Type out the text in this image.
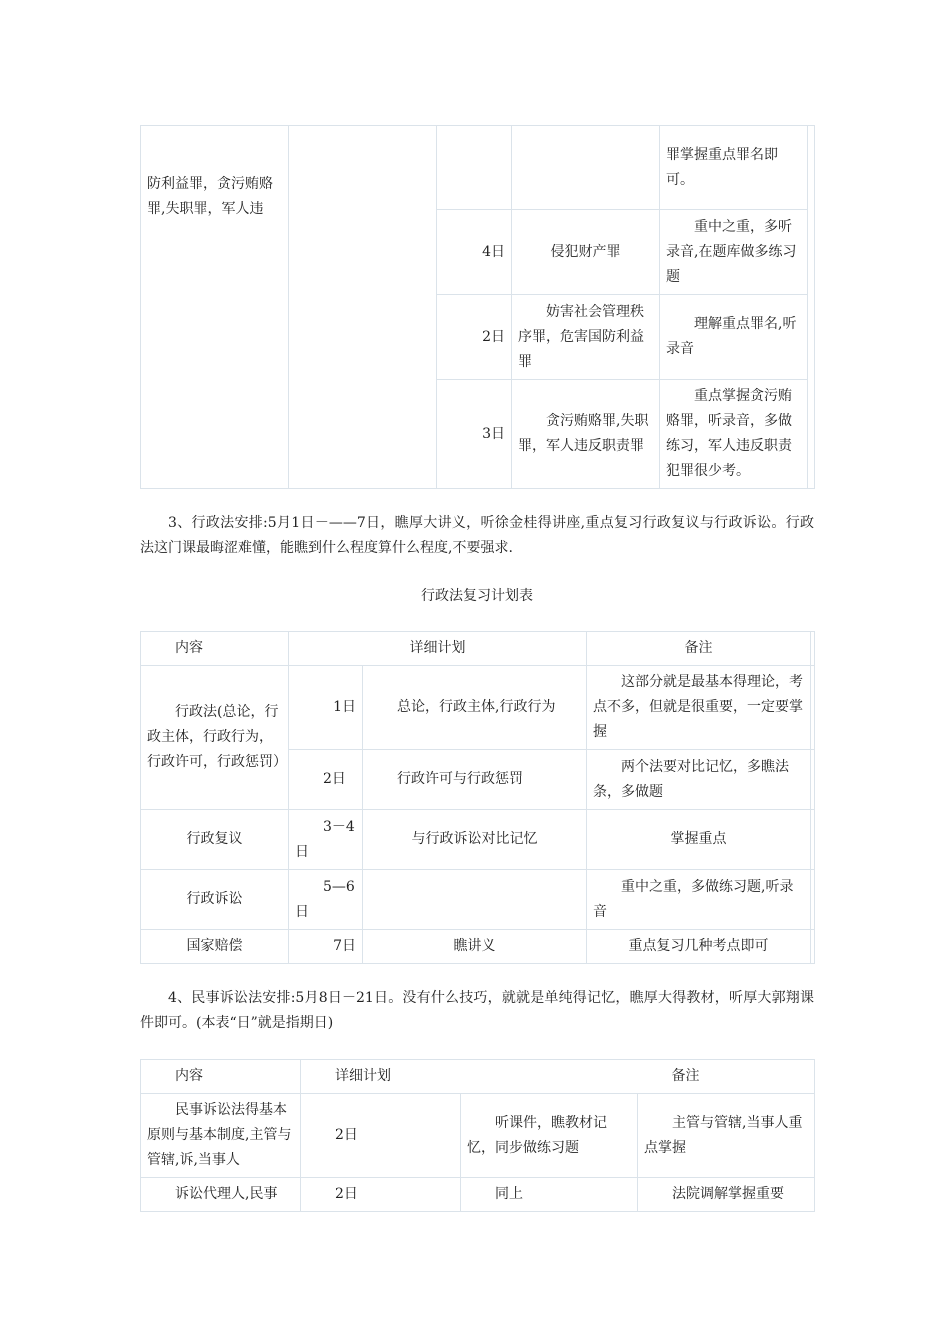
防利益罪，贪污贿赂罪,失职罪，军人违				罪掌握重点罪名即可。	
		4日	侵犯财产罪	重中之重，多听录音,在题库做多练习题	
		2日	妨害社会管理秩序罪，危害国防利益罪	理解重点罪名,听录音	
		3日	贪污贿赂罪,失职罪，军人违反职责罪	重点掌握贪污贿赂罪，听录音，多做练习，军人违反职责犯罪很少考。	

3、行政法安排:5月1日－——7日，瞧厚大讲义，听徐金桂得讲座,重点复习行政复议与行政诉讼。行政法这门课最晦涩难懂，能瞧到什么程度算什么程度,不要强求.

行政法复习计划表

内容	详细计划		备注	
行政法(总论，行政主体，行政行为，行政许可，行政惩罚）	1日	总论，行政主体,行政行为	这部分就是最基本得理论，考点不多，但就是很重要，一定要掌握	
	2日	行政许可与行政惩罚	两个法要对比记忆，多瞧法条，多做题	
行政复议	3－4日	与行政诉讼对比记忆	掌握重点	
行政诉讼	5—6日		重中之重，多做练习题,听录音	
国家赔偿	7日	瞧讲义	重点复习几种考点即可	

4、民事诉讼法安排:5月8日－21日。没有什么技巧，就就是单纯得记忆，瞧厚大得教材，听厚大郭翔课件即可。(本表“日”就是指期日)

内容	详细计划		备注
民事诉讼法得基本原则与基本制度,主管与管辖,诉,当事人	2日	听课件，瞧教材记忆，同步做练习题	主管与管辖,当事人重点掌握
诉讼代理人,民事	2日	同上	法院调解掌握重要
